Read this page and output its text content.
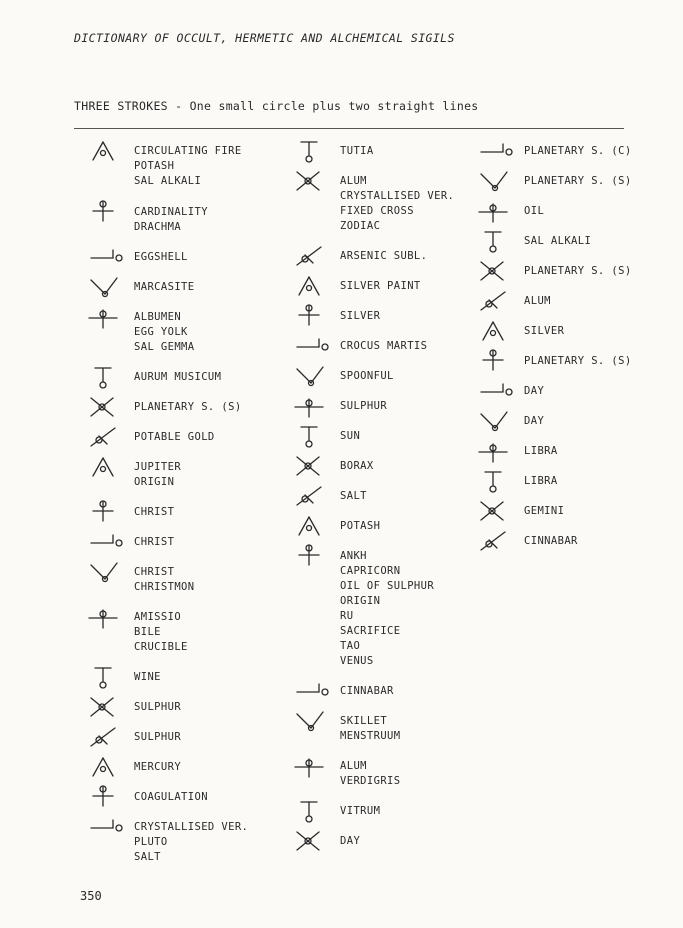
DICTIONARY OF OCCULT, HERMETIC AND ALCHEMICAL SIGILS
THREE STROKES - One small circle plus two straight lines
CIRCULATING FIRE
POTASH
SAL ALKALI
CARDINALITY
DRACHMA
EGGSHELL
MARCASITE
ALBUMEN
EGG YOLK
SAL GEMMA
AURUM MUSICUM
PLANETARY S. (S)
POTABLE GOLD
JUPITER
ORIGIN
CHRIST
CHRIST
CHRIST
CHRISTMON
AMISSIO
BILE
CRUCIBLE
WINE
SULPHUR
SULPHUR
MERCURY
COAGULATION
CRYSTALLISED VER.
PLUTO
SALT
TUTIA
ALUM
CRYSTALLISED VER.
FIXED CROSS
ZODIAC
ARSENIC SUBL.
SILVER PAINT
SILVER
CROCUS MARTIS
SPOONFUL
SULPHUR
SUN
BORAX
SALT
POTASH
ANKH
CAPRICORN
OIL OF SULPHUR
ORIGIN
RU
SACRIFICE
TAO
VENUS
CINNABAR
SKILLET
MENSTRUUM
ALUM
VERDIGRIS
VITRUM
DAY
PLANETARY S. (C)
PLANETARY S. (S)
OIL
SAL ALKALI
PLANETARY S. (S)
ALUM
SILVER
PLANETARY S. (S)
DAY
DAY
LIBRA
LIBRA
GEMINI
CINNABAR
350
